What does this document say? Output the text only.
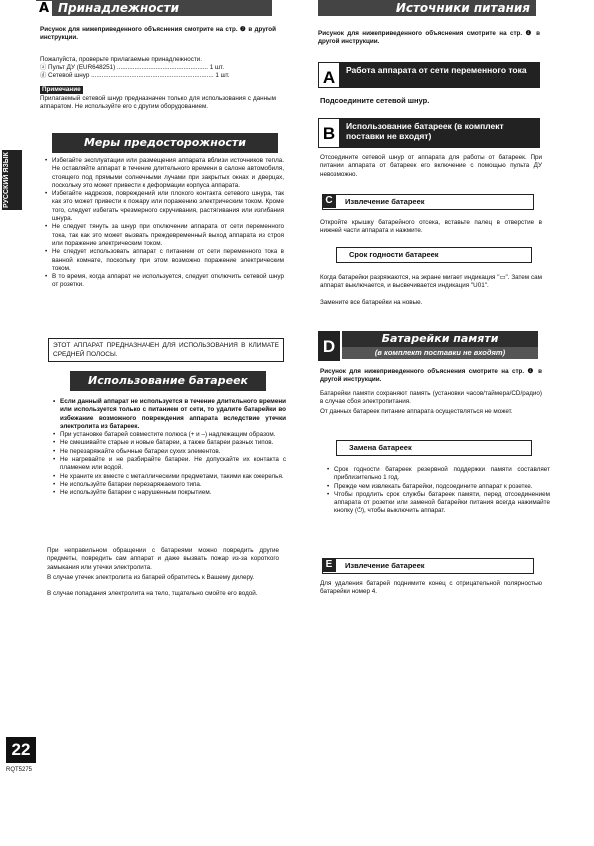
A Принадлежности
Рисунок для нижеприведенного объяснения смотрите на стр. ❷ в другой инструкции.
Пожалуйста, проверьте прилагаемые принадлежности.
ⓐ Пульт ДУ (EUR648251) .................................................... 1 шт.
ⓓ Сетевой шнур ...................................................................... 1 шт.
Примечание
Прилагаемый сетевой шнур предназначен только для использования с данным аппаратом. Не используйте его с другим оборудованием.
Меры предосторожности
• Избегайте эксплуатации или размещения аппарата вблизи источников тепла. Не оставляйте аппарат в течение длительного времени в салоне автомобиля, стоящего под прямыми солнечными лучами при закрытых окнах и дверцах, поскольку это может привести к деформации корпуса аппарата.
• Избегайте надрезов, повреждений или плохого контакта сетевого шнура, так как это может привести к пожару или поражению электрическим током. Кроме того, следует избегать чрезмерного скручивания, растягивания или изгибания шнура.
• Не следует тянуть за шнур при отключении аппарата от сети переменного тока, так как это может вызвать преждевременный выход аппарата из строя или поражение электрическим током.
• Не следует использовать аппарат с питанием от сети переменного тока в ванной комнате, поскольку при этом возможно поражение электрическим током.
• В то время, когда аппарат не используется, следует отключить сетевой шнур от розетки.
ЭТОТ АППАРАТ ПРЕДНАЗНАЧЕН ДЛЯ ИСПОЛЬЗОВАНИЯ В КЛИМАТЕ СРЕДНЕЙ ПОЛОСЫ.
Использование батареек
• Если данный аппарат не используется в течение длительного времени или используется только с питанием от сети, то удалите батарейки во избежание возможного повреждения аппарата вследствие утечки электролита из батареек.
• При установке батарей совместите полюса (+ и –) надлежащим образом.
• Не смешивайте старые и новые батареи, а также батареи разных типов.
• Не перезаряжайте обычные батареи сухих элементов.
• Не нагревайте и не разбирайте батареи. Не допускайте их контакта с пламенем или водой.
• Не храните их вместе с металлическими предметами, такими как ожерелья.
• Не используйте батареи перезаряжаемого типа.
• Не используйте батареи с нарушенным покрытием.
При неправильном обращении с батареями можно повредить другие предметы, повредить сам аппарат и даже вызвать пожар из-за короткого замыкания или утечки электролита.
В случае утечек электролита из батарей обратитесь к Вашему дилеру.
В случае попадания электролита на тело, тщательно смойте его водой.
РУССКИЙ ЯЗЫК
22
RQT5275
Источники питания
Рисунок для нижеприведенного объяснения смотрите на стр. ❹ в другой инструкции.
A	Работа аппарата от сети переменного тока
Подсоедините сетевой шнур.
B	Использование батареек (в комплект поставки не входят)
Отсоедините сетевой шнур от аппарата для работы от батареек. При питании аппарата от батареек его включение с помощью пульта ДУ невозможно.
C	Извлечение батареек
Откройте крышку батарейного отсека, вставьте палец в отверстие в нижней части аппарата и нажмите.
Срок годности батареек
Когда батарейки разряжаются, на экране мигает индикация "▭". Затем сам аппарат выключается, и высвечивается индикация "U01".
Замените все батарейки на новые.
D	Батарейки памяти
(в комплект поставки не входят)
Рисунок для нижеприведенного объяснения смотрите на стр. ❹ в другой инструкции.
Батарейки памяти сохраняют память (установки часов/таймера/CD/радио) в случае сбоя электропитания.
От данных батареек питание аппарата осуществляться не может.
Замена батареек
• Срок годности батареек резервной поддержки памяти составляет приблизительно 1 год.
• Прежде чем извлекать батарейки, подсоедините аппарат к розетке.
• Чтобы продлить срок службы батареек памяти, перед отсоединением аппарата от розетки или заменой батарейки питания всегда нажимайте кнопку (⏻), чтобы выключить аппарат.
E	Извлечение батареек
Для удаления батарей поднимите конец с отрицательной полярностью батарейки номер 4.
